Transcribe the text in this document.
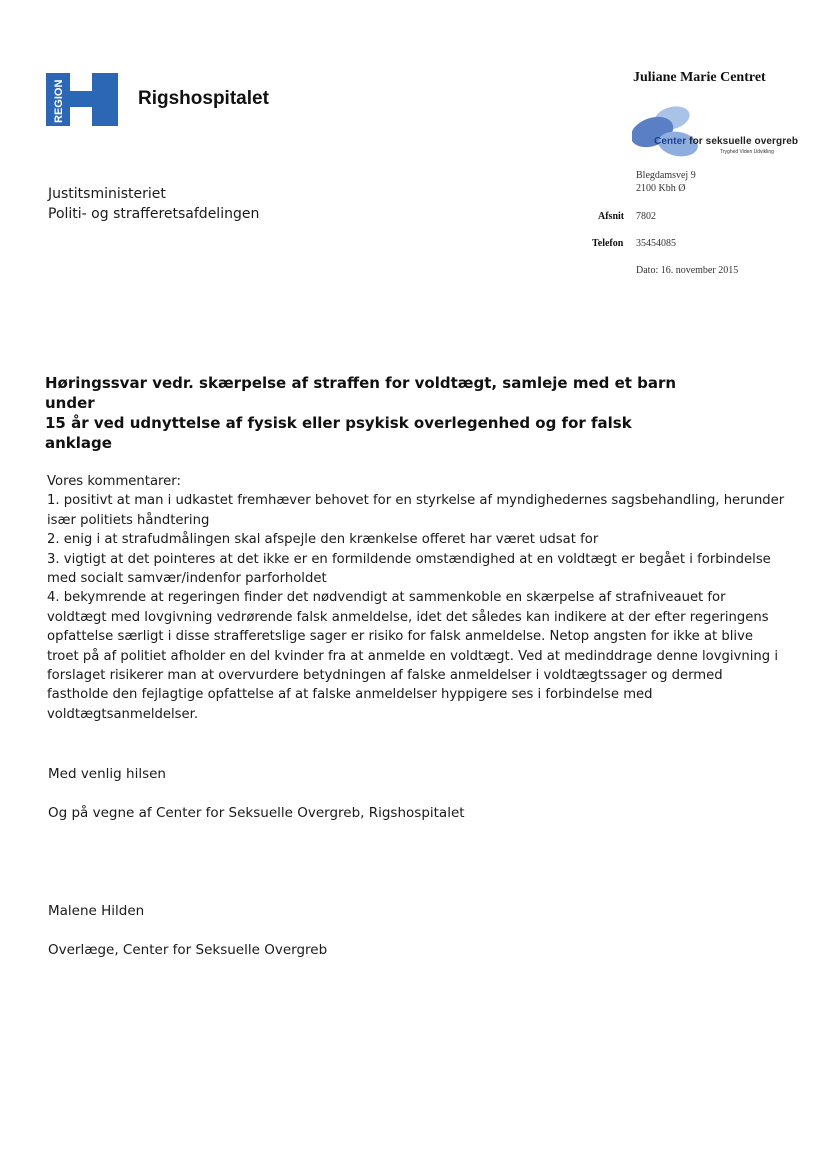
REGION	Rigshospitalet
Juliane Marie Centret
Center for seksuelle overgreb
Tryghed Viden Udvikling
Blegdamsvej 9
2100 Kbh Ø
Afsnit 7802
Telefon 35454085
Dato: 16. november 2015
Justitsministeriet
Politi- og strafferetsafdelingen
Høringssvar vedr. skærpelse af straffen for voldtægt, samleje med et barn under
15 år ved udnyttelse af fysisk eller psykisk overlegenhed og for falsk anklage

Vores kommentarer:

1. positivt at man i udkastet fremhæver behovet for en styrkelse af myndighedernes sagsbehandling, herunder især politiets håndtering

2. enig i at strafudmålingen skal afspejle den krænkelse offeret har været udsat for

3. vigtigt at det pointeres at det ikke er en formildende omstændighed at en voldtægt er begået i forbindelse med socialt samvær/indenfor parforholdet

4. bekymrende at regeringen finder det nødvendigt at sammenkoble en skærpelse af strafniveauet for voldtægt med lovgivning vedrørende falsk anmeldelse, idet det således kan indikere at der efter regeringens opfattelse særligt i disse strafferetslige sager er risiko for falsk anmeldelse. Netop angsten for ikke at blive troet på af politiet afholder en del kvinder fra at anmelde en voldtægt. Ved at medinddrage denne lovgivning i forslaget risikerer man at overvurdere betydningen af falske anmeldelser i voldtægtssager og dermed fastholde den fejlagtige opfattelse af at falske anmeldelser hyppigere ses i forbindelse med voldtægtsanmeldelser.

Med venlig hilsen
Og på vegne af Center for Seksuelle Overgreb, Rigshospitalet
Malene Hilden
Overlæge, Center for Seksuelle Overgreb
